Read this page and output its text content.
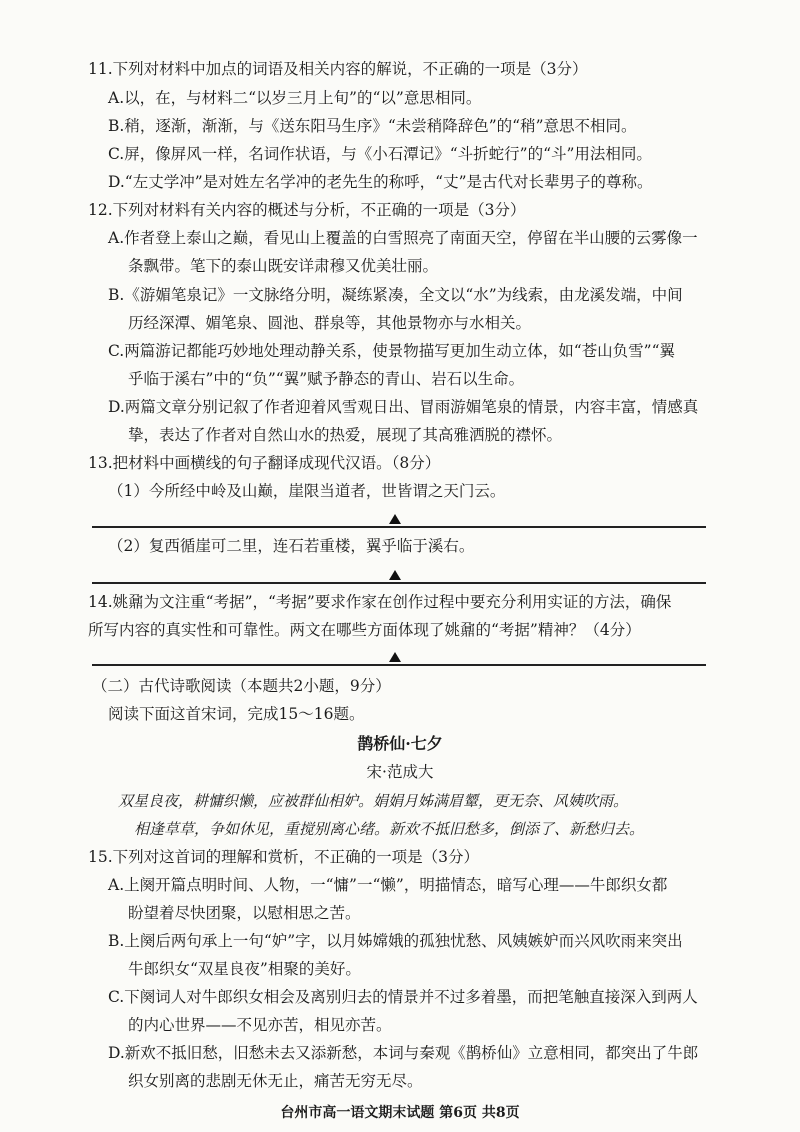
11.下列对材料中加点的词语及相关内容的解说，不正确的一项是（3分）
A.以，在，与材料二“以岁三月上旬”的“以”意思相同。
B.稍，逐渐，渐渐，与《送东阳马生序》“未尝稍降辞色”的“稍”意思不相同。
C.屏，像屏风一样，名词作状语，与《小石潭记》“斗折蛇行”的“斗”用法相同。
D.“左丈学冲”是对姓左名学冲的老先生的称呼，“丈”是古代对长辈男子的尊称。
12.下列对材料有关内容的概述与分析，不正确的一项是（3分）
A.作者登上泰山之巅，看见山上覆盖的白雪照亮了南面天空，停留在半山腰的云雾像一
条飘带。笔下的泰山既安详肃穆又优美壮丽。
B.《游媚笔泉记》一文脉络分明，凝练紧凑，全文以“水”为线索，由龙溪发端，中间
历经深潭、媚笔泉、圆池、群泉等，其他景物亦与水相关。
C.两篇游记都能巧妙地处理动静关系，使景物描写更加生动立体，如“苍山负雪”“翼
乎临于溪右”中的“负”“翼”赋予静态的青山、岩石以生命。
D.两篇文章分别记叙了作者迎着风雪观日出、冒雨游媚笔泉的情景，内容丰富，情感真
挚，表达了作者对自然山水的热爱，展现了其高雅洒脱的襟怀。
13.把材料中画横线的句子翻译成现代汉语。（8分）
（1）今所经中岭及山巅，崖限当道者，世皆谓之天门云。
（2）复西循崖可二里，连石若重楼，翼乎临于溪右。
14.姚鼐为文注重“考据”，“考据”要求作家在创作过程中要充分利用实证的方法，确保
所写内容的真实性和可靠性。两文在哪些方面体现了姚鼐的“考据”精神？（4分）
（二）古代诗歌阅读（本题共2小题，9分）
阅读下面这首宋词，完成15～16题。
鹊桥仙·七夕
宋·范成大
双星良夜，耕慵织懒，应被群仙相妒。娟娟月姊满眉颦，更无奈、风姨吹雨。
相逢草草，争如休见，重搅别离心绪。新欢不抵旧愁多，倒添了、新愁归去。
15.下列对这首词的理解和赏析，不正确的一项是（3分）
A.上阕开篇点明时间、人物，一“慵”一“懒”，明描情态，暗写心理——牛郎织女都
盼望着尽快团聚，以慰相思之苦。
B.上阕后两句承上一句“妒”字，以月姊嫦娥的孤独忧愁、风姨嫉妒而兴风吹雨来突出
牛郎织女“双星良夜”相聚的美好。
C.下阕词人对牛郎织女相会及离别归去的情景并不过多着墨，而把笔触直接深入到两人
的内心世界——不见亦苦，相见亦苦。
D.新欢不抵旧愁，旧愁未去又添新愁，本词与秦观《鹊桥仙》立意相同，都突出了牛郎
织女别离的悲剧无休无止，痛苦无穷无尽。
台州市高一语文期末试题 第6页 共8页
